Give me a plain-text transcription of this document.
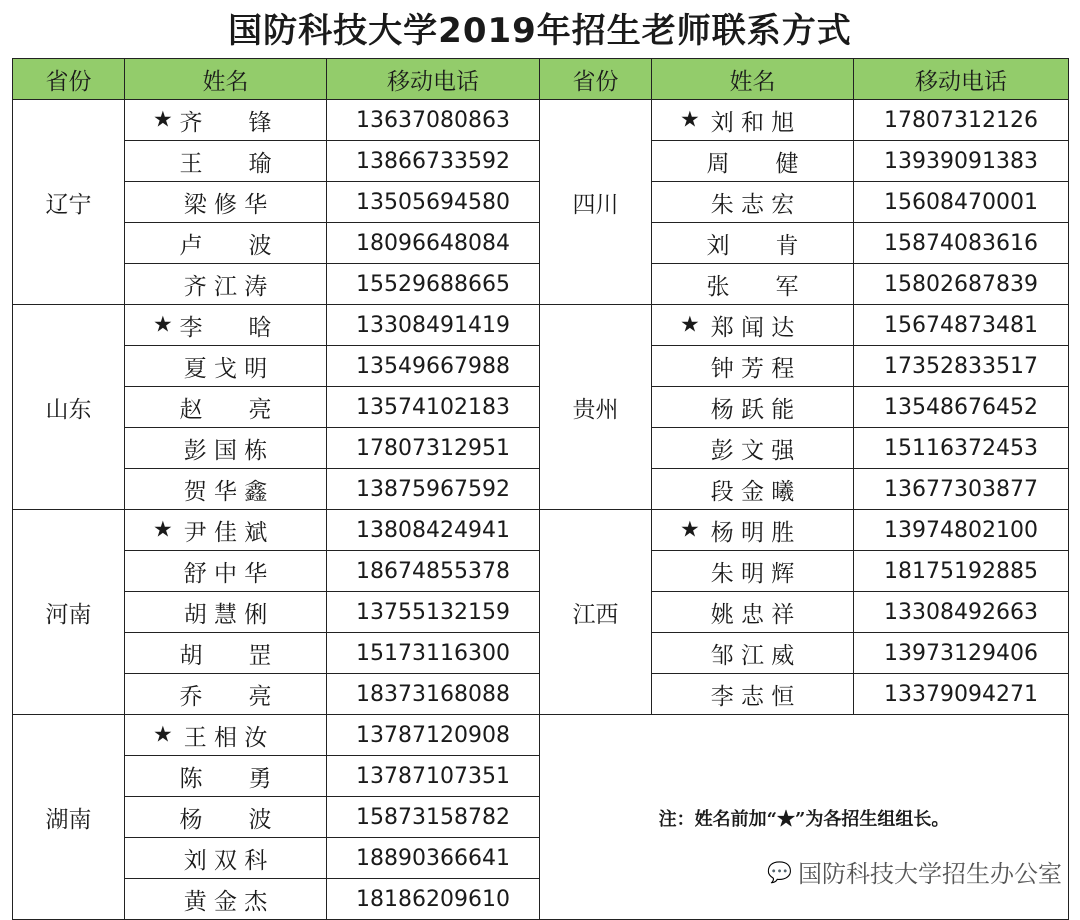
国防科技大学2019年招生老师联系方式
省份	姓名	移动电话	省份	姓名	移动电话
辽宁	★ 齐　　锋	13637080863	四川	★ 刘 和 旭	17807312126
	王　　瑜	13866733592		周　　健	13939091383
	梁 修 华	13505694580		朱 志 宏	15608470001
	卢　　波	18096648084		刘　　肯	15874083616
	齐 江 涛	15529688665		张　　军	15802687839
山东	★ 李　　晗	13308491419	贵州	★ 郑 闻 达	15674873481
	夏 戈 明	13549667988		钟 芳 程	17352833517
	赵　　亮	13574102183		杨 跃 能	13548676452
	彭 国 栋	17807312951		彭 文 强	15116372453
	贺 华 鑫	13875967592		段 金 曦	13677303877
河南	★ 尹 佳 斌	13808424941	江西	★ 杨 明 胜	13974802100
	舒 中 华	18674855378		朱 明 辉	18175192885
	胡 慧 俐	13755132159		姚 忠 祥	13308492663
	胡　　罡	15173116300		邹 江 威	13973129406
	乔　　亮	18373168088		李 志 恒	13379094271
湖南	★ 王 相 汝	13787120908	注：姓名前加“★”为各招生组组长。		

	陈　　勇	13787107351			
	杨　　波	15873158782			
	刘 双 科	18890366641			
	黄 金 杰	18186209610			
💬 国防科技大学招生办公室
